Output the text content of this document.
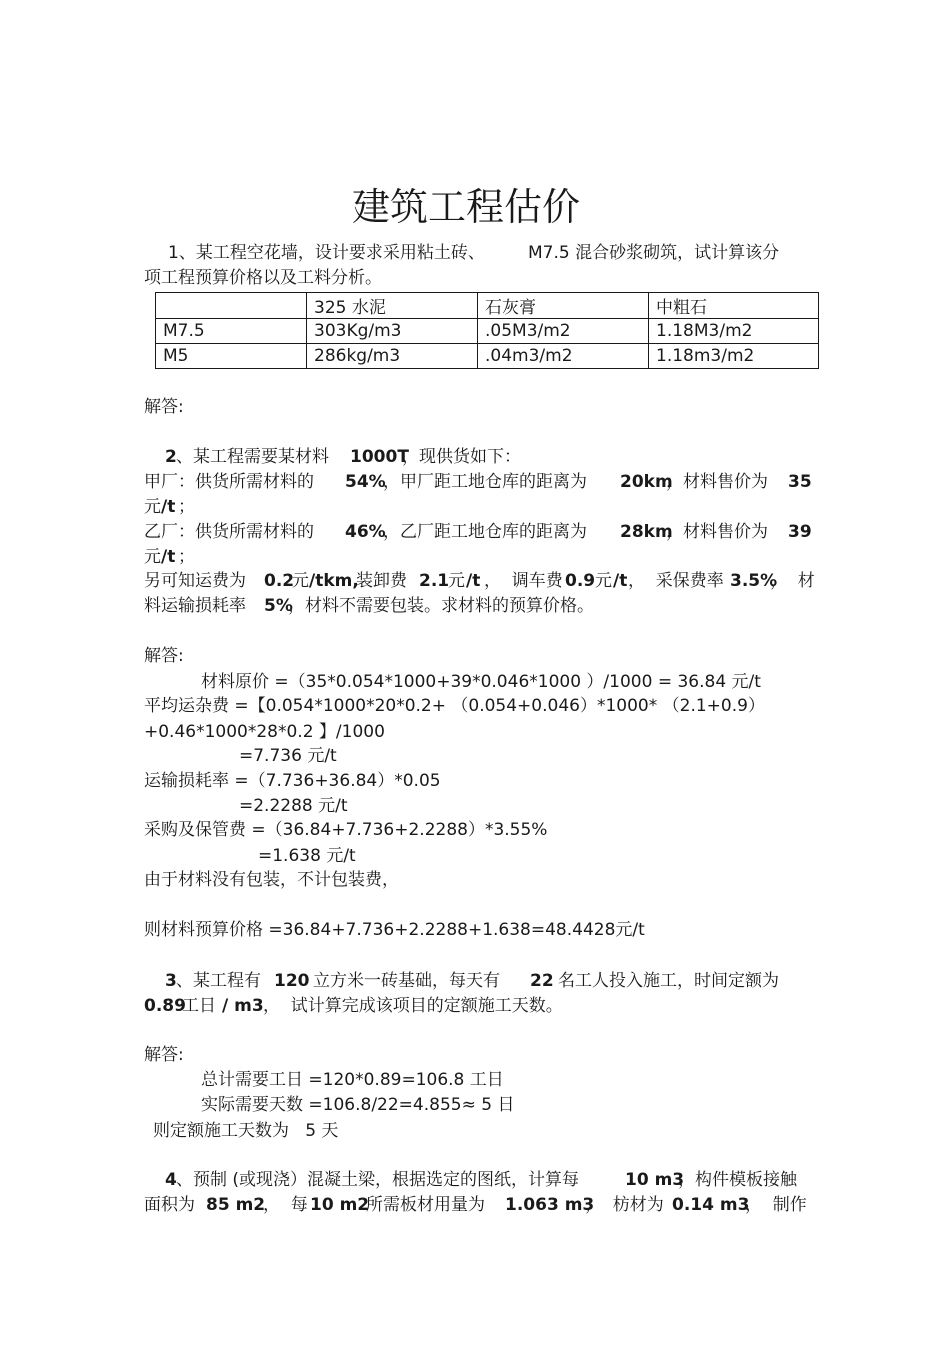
建筑工程估价
1、某工程空花墙，设计要求采用粘土砖、	M7.5 混合砂浆砌筑，试计算该分
项工程预算价格以及工料分析。
	325 水泥	石灰膏	中粗石
M7.5	303Kg/m3	.05M3/m2	1.18M3/m2
M5	286kg/m3	.04m3/m2	1.18m3/m2
解答:
2 、某工程需要某材料 1000T
，现供货如下：
甲厂：供货所需材料的 54%
，甲厂距工地仓库的距离为 20km
，材料售价为 35
元 /t ；
乙厂：供货所需材料的 46%
，乙厂距工地仓库的距离为 28km
，材料售价为 39
元 /t ；
另可知运费为 0.2
元 /tkm,
装卸费 2.1
元 /t ，  调车费 0.9 元 /t ，  采保费率 3.5%
，  材
料运输损耗率 5%
，材料不需要包装。求材料的预算价格。
解答:
材料原价 =（35*0.054*1000+39*0.046*1000 ）/1000 = 36.84 元/t
平均运杂费 =【0.054*1000*20*0.2+ （0.054+0.046）*1000* （2.1+0.9）
+0.46*1000*28*0.2 】/1000
=7.736 元/t
运输损耗率 =（7.736+36.84）*0.05
=2.2288 元/t
采购及保管费 =（36.84+7.736+2.2288）*3.55%
=1.638 元/t
由于材料没有包装，不计包装费，
则材料预算价格 =36.84+7.736+2.2288+1.638=48.4428元/t
3 、某工程有 120 立方米一砖基础，每天有 22 名工人投入施工，时间定额为
0.89
工日 / m3 ，  试计算完成该项目的定额施工天数。
解答:
总计需要工日 =120*0.89=106.8 工日
实际需要天数 =106.8/22=4.855≈ 5 日
则定额施工天数为   5 天
4 、预制 (或现浇）混凝土梁，根据选定的图纸，计算每	10 m3
，构件模板接触
面积为 85 m2
，  每 10 m2
所需板材用量为 1.063 m3
，  枋材为 0.14 m3
，  制作
